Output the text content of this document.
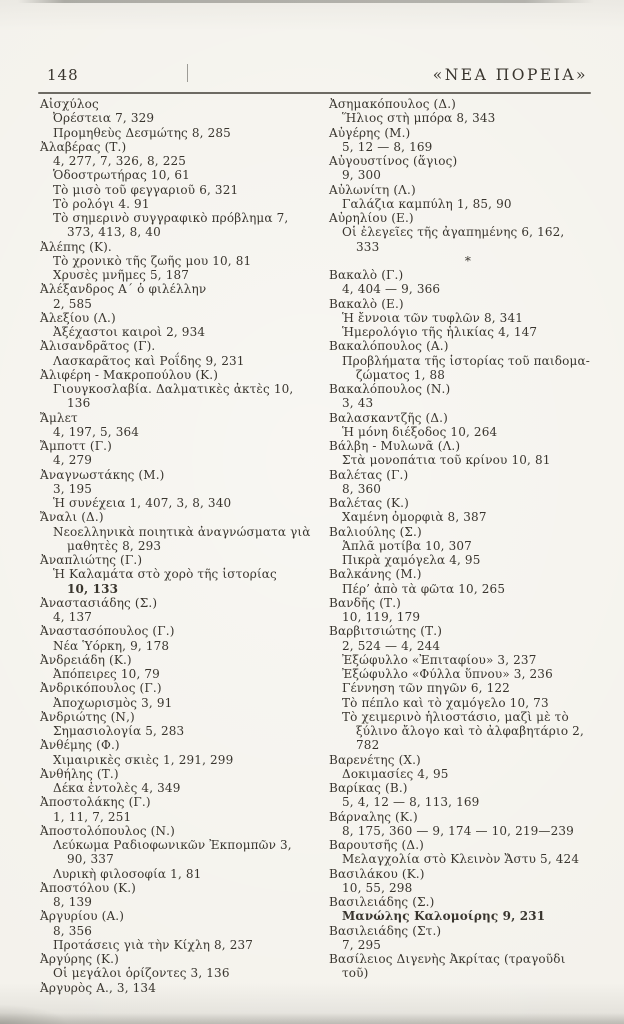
148	«ΝΕΑ ΠΟΡΕΙΑ»
Αἰσχύλος
Ὀρέστεια 7, 329
Προμηθεὺς Δεσμώτης 8, 285
Ἀλαβέρας (Τ.)
4, 277, 7, 326, 8, 225
Ὁδοστρωτήρας 10, 61
Τὸ μισὸ τοῦ φεγγαριοῦ 6, 321
Τὸ ρολόγι 4. 91
Τὸ σημερινὸ συγγραφικὸ πρόβλημα 7,
373, 413, 8, 40
Ἀλέπης (Κ).
Τὸ χρονικὸ τῆς ζωῆς μου 10, 81
Χρυσὲς μνῆμες 5, 187
Ἀλέξανδρος Α΄ ὁ φιλέλλην
2, 585
Ἀλεξίου (Λ.)
Ἀξέχαστοι καιροὶ 2, 934
Ἀλισανδρᾶτος (Γ).
Λασκαρᾶτος καὶ Ροΐδης 9, 231
Ἀλιφέρη - Μακροπούλου (Κ.)
Γιουγκοσλαβία. Δαλματικὲς ἀκτὲς 10,
136
Ἄμλετ
4, 197, 5, 364
Ἄμποττ (Γ.)
4, 279
Ἀναγνωστάκης (Μ.)
3, 195
Ἡ συνέχεια 1, 407, 3, 8, 340
Ἄναλι (Δ.)
Νεοελληνικὰ ποιητικὰ ἀναγνώσματα γιὰ
μαθητὲς 8, 293
Ἀναπλιώτης (Γ.)
Ἡ Καλαμάτα στὸ χορὸ τῆς ἱστορίας
10, 133
Ἀναστασιάδης (Σ.)
4, 137
Ἀναστασόπουλος (Γ.)
Νέα Ὑόρκη, 9, 178
Ἀνδρειάδη (Κ.)
Ἀπόπειρες 10, 79
Ἀνδρικόπουλος (Γ.)
Ἀποχωρισμὸς 3, 91
Ἀνδριώτης (Ν,)
Σημασιολογία 5, 283
Ἀνθέμης (Φ.)
Χιμαιρικὲς σκιὲς 1, 291, 299
Ἀνθήλης (Τ.)
Δέκα ἐντολὲς 4, 349
Ἀποστολάκης (Γ.)
1, 11, 7, 251
Ἀποστολόπουλος (Ν.)
Λεύκωμα Ραδιοφωνικῶν Ἐκπομπῶν 3,
90, 337
Λυρικὴ φιλοσοφία 1, 81
Ἀποστόλου (Κ.)
8, 139
Ἀργυρίου (Α.)
8, 356
Προτάσεις γιὰ τὴν Κίχλη 8, 237
Ἀργύρης (Κ.)
Οἱ μεγάλοι ὁρίζοντες 3, 136
Ἀργυρὸς Α., 3, 134
Ἀσημακόπουλος (Δ.)
Ἥλιος στὴ μπόρα 8, 343
Αὐγέρης (Μ.)
5, 12 — 8, 169
Αὐγουστίνος (ἅγιος)
9, 300
Αὐλωνίτη (Λ.)
Γαλάζια καμπύλη 1, 85, 90
Αὐρηλίου (Ε.)
Οἱ ἐλεγεῖες τῆς ἀγαπημένης 6, 162,
333
*
Βακαλὸ (Γ.)
4, 404 — 9, 366
Βακαλὸ (Ε.)
Ἡ ἔννοια τῶν τυφλῶν 8, 341
Ἡμερολόγιο τῆς ἡλικίας 4, 147
Βακαλόπουλος (Α.)
Προβλήματα τῆς ἱστορίας τοῦ παιδομα-
ζώματος 1, 88
Βακαλόπουλος (Ν.)
3, 43
Βαλασκαντζῆς (Δ.)
Ἡ μόνη διέξοδος 10, 264
Βάλβη - Μυλωνᾶ (Λ.)
Στὰ μονοπάτια τοῦ κρίνου 10, 81
Βαλέτας (Γ.)
8, 360
Βαλέτας (Κ.)
Χαμένη ὀμορφιὰ 8, 387
Βαλιούλης (Σ.)
Ἁπλᾶ μοτίβα 10, 307
Πικρὰ χαμόγελα 4, 95
Βαλκάνης (Μ.)
Πέρ’ ἀπὸ τὰ φῶτα 10, 265
Βανδῆς (Τ.)
10, 119, 179
Βαρβιτσιώτης (Τ.)
2, 524 — 4, 244
Ἐξώφυλλο «Ἐπιταφίου» 3, 237
Ἐξώφυλλο «Φύλλα ὕπνου» 3, 236
Γέννηση τῶν πηγῶν 6, 122
Τὸ πέπλο καὶ τὸ χαμόγελο 10, 73
Τὸ χειμερινὸ ἡλιοστάσιο, μαζὶ μὲ τὸ
ξύλινο ἄλογο καὶ τὸ ἀλφαβητάριο 2,
782
Βαρενέτης (Χ.)
Δοκιμασίες 4, 95
Βαρίκας (Β.)
5, 4, 12 — 8, 113, 169
Βάρναλης (Κ.)
8, 175, 360 — 9, 174 — 10, 219—239
Βαρουτσῆς (Δ.)
Μελαγχολία στὸ Κλεινὸν Ἄστυ 5, 424
Βασιλάκου (Κ.)
10, 55, 298
Βασιλειάδης (Σ.)
Μανώλης Καλομοίρης 9, 231
Βασιλειάδης (Στ.)
7, 295
Βασίλειος Διγενὴς Ἀκρίτας (τραγοῦδι
τοῦ)
